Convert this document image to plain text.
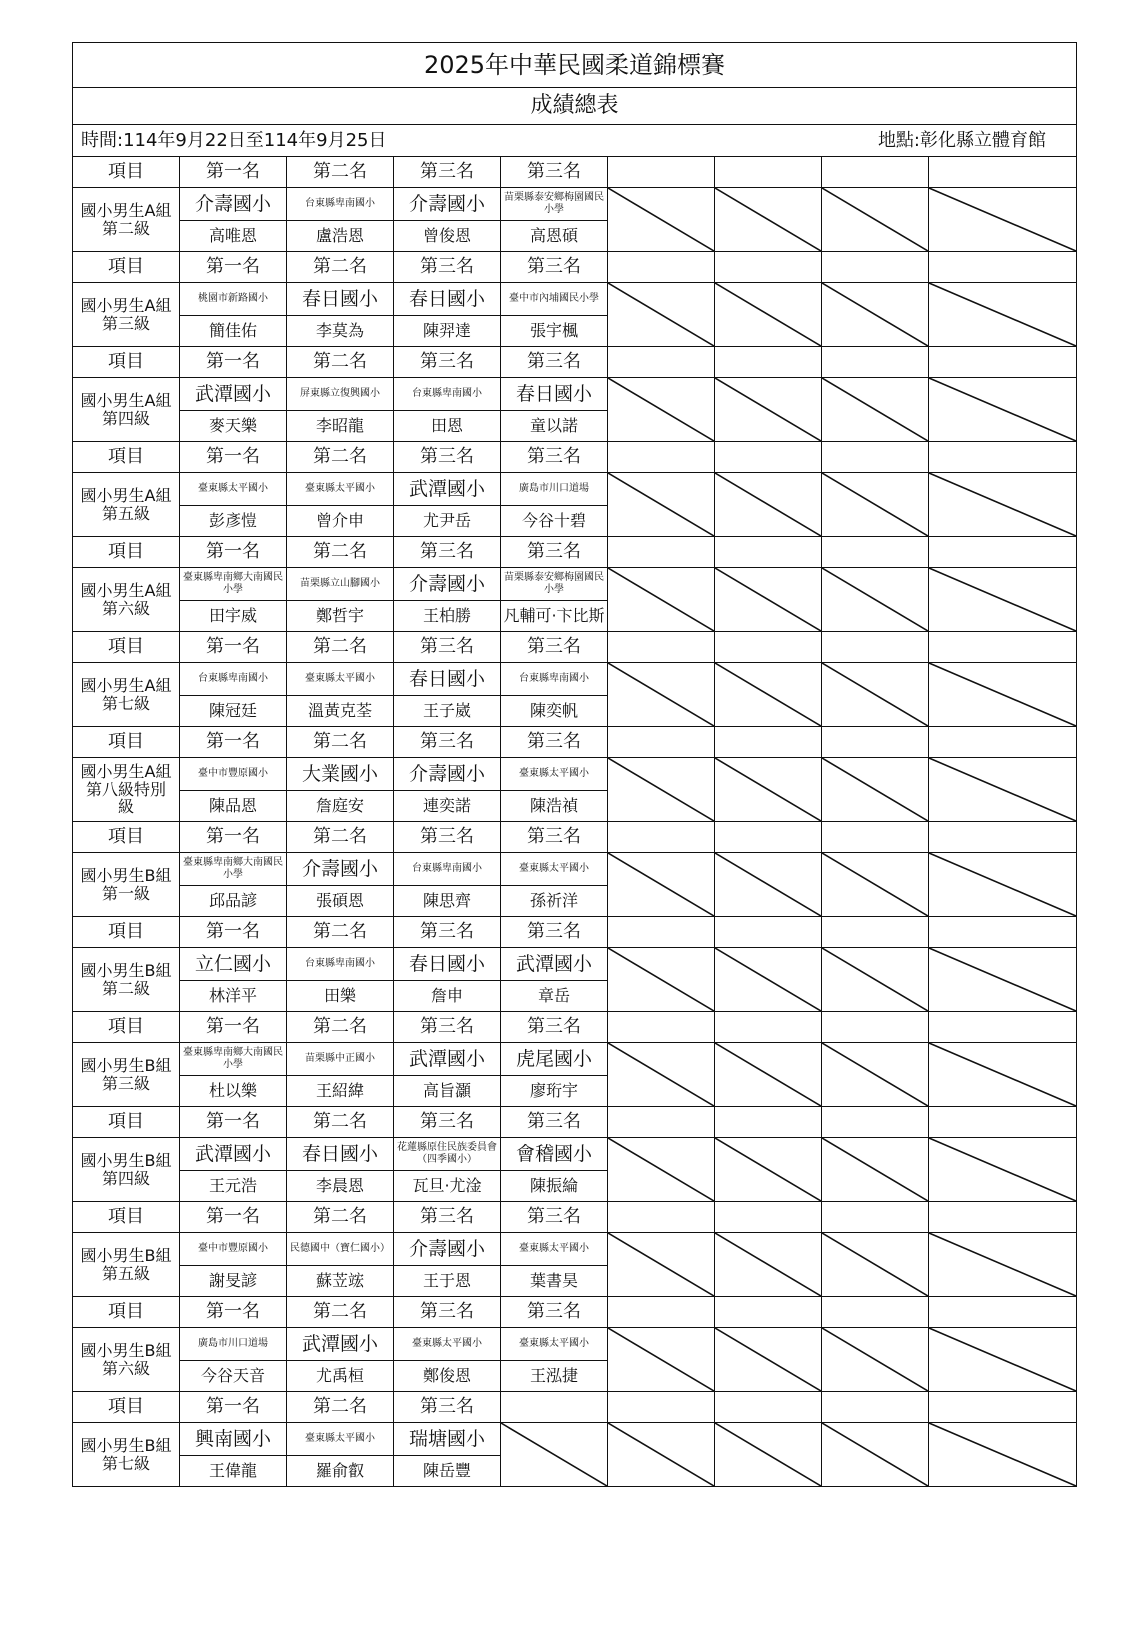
2025年中華民國柔道錦標賽								
成績總表								

時間:114年9月22日至114年9月25日 地點:彰化縣立體育館								

項目	第一名	第二名	第三名	第三名				
國小男生A組
第二級	介壽國小	台東縣卑南國小	介壽國小	苗栗縣泰安鄉梅園國民小學

	高唯恩	盧浩恩	曾俊恩	高恩碩				
項目	第一名	第二名	第三名	第三名				
國小男生A組
第三級	桃園市新路國小	春日國小	春日國小	臺中市內埔國民小學

	簡佳佑	李莫為	陳羿達	張宇楓				
項目	第一名	第二名	第三名	第三名				
國小男生A組
第四級	武潭國小	屏東縣立復興國小	台東縣卑南國小	春日國小	

	麥天樂	李昭龍	田恩	童以諾				
項目	第一名	第二名	第三名	第三名				
國小男生A組
第五級	臺東縣太平國小	臺東縣太平國小	武潭國小	廣島市川口道場

	彭彥愷	曾介申	尤尹岳	今谷十碧				
項目	第一名	第二名	第三名	第三名				
國小男生A組
第六級	臺東縣卑南鄉大南國民小學	苗栗縣立山腳國小	介壽國小	苗栗縣泰安鄉梅園國民小學

	田宇威	鄭哲宇	王柏勝	凡輔可·卞比斯				
項目	第一名	第二名	第三名	第三名				
國小男生A組
第七級	台東縣卑南國小	臺東縣太平國小	春日國小	台東縣卑南國小

	陳冠廷	溫黃克荃	王子崴	陳奕帆				
項目	第一名	第二名	第三名	第三名				
國小男生A組
第八級特別
級	臺中市豐原國小	大業國小	介壽國小	臺東縣太平國小

	陳品恩	詹庭安	連奕諾	陳浩禎				
項目	第一名	第二名	第三名	第三名				
國小男生B組
第一級	臺東縣卑南鄉大南國民小學	介壽國小	台東縣卑南國小	臺東縣太平國小

	邱品諺	張碩恩	陳思齊	孫祈洋				
項目	第一名	第二名	第三名	第三名				
國小男生B組
第二級	立仁國小	台東縣卑南國小	春日國小	武潭國小	

	林洋平	田樂	詹申	章岳				
項目	第一名	第二名	第三名	第三名				
國小男生B組
第三級	臺東縣卑南鄉大南國民小學	苗栗縣中正國小	武潭國小	虎尾國小	

	杜以樂	王紹緯	高旨灝	廖珩宇				
項目	第一名	第二名	第三名	第三名				
國小男生B組
第四級	武潭國小	春日國小	花蓮縣原住民族委員會（四季國小）	會稽國小	

	王元浩	李晨恩	瓦旦·尤淦	陳振綸				
項目	第一名	第二名	第三名	第三名				
國小男生B組
第五級	臺中市豐原國小	民德國中（寶仁國小）	介壽國小	臺東縣太平國小

	謝旻諺	蘇苙竤	王于恩	葉書昊				
項目	第一名	第二名	第三名	第三名				
國小男生B組
第六級	廣島市川口道場	武潭國小	臺東縣太平國小	臺東縣太平國小

	今谷天音	尤禹桓	鄭俊恩	王泓捷				
項目	第一名	第二名	第三名					
國小男生B組
第七級	興南國小	臺東縣太平國小	瑞塘國小	

	王偉龍	羅俞叡	陳岳豐					
